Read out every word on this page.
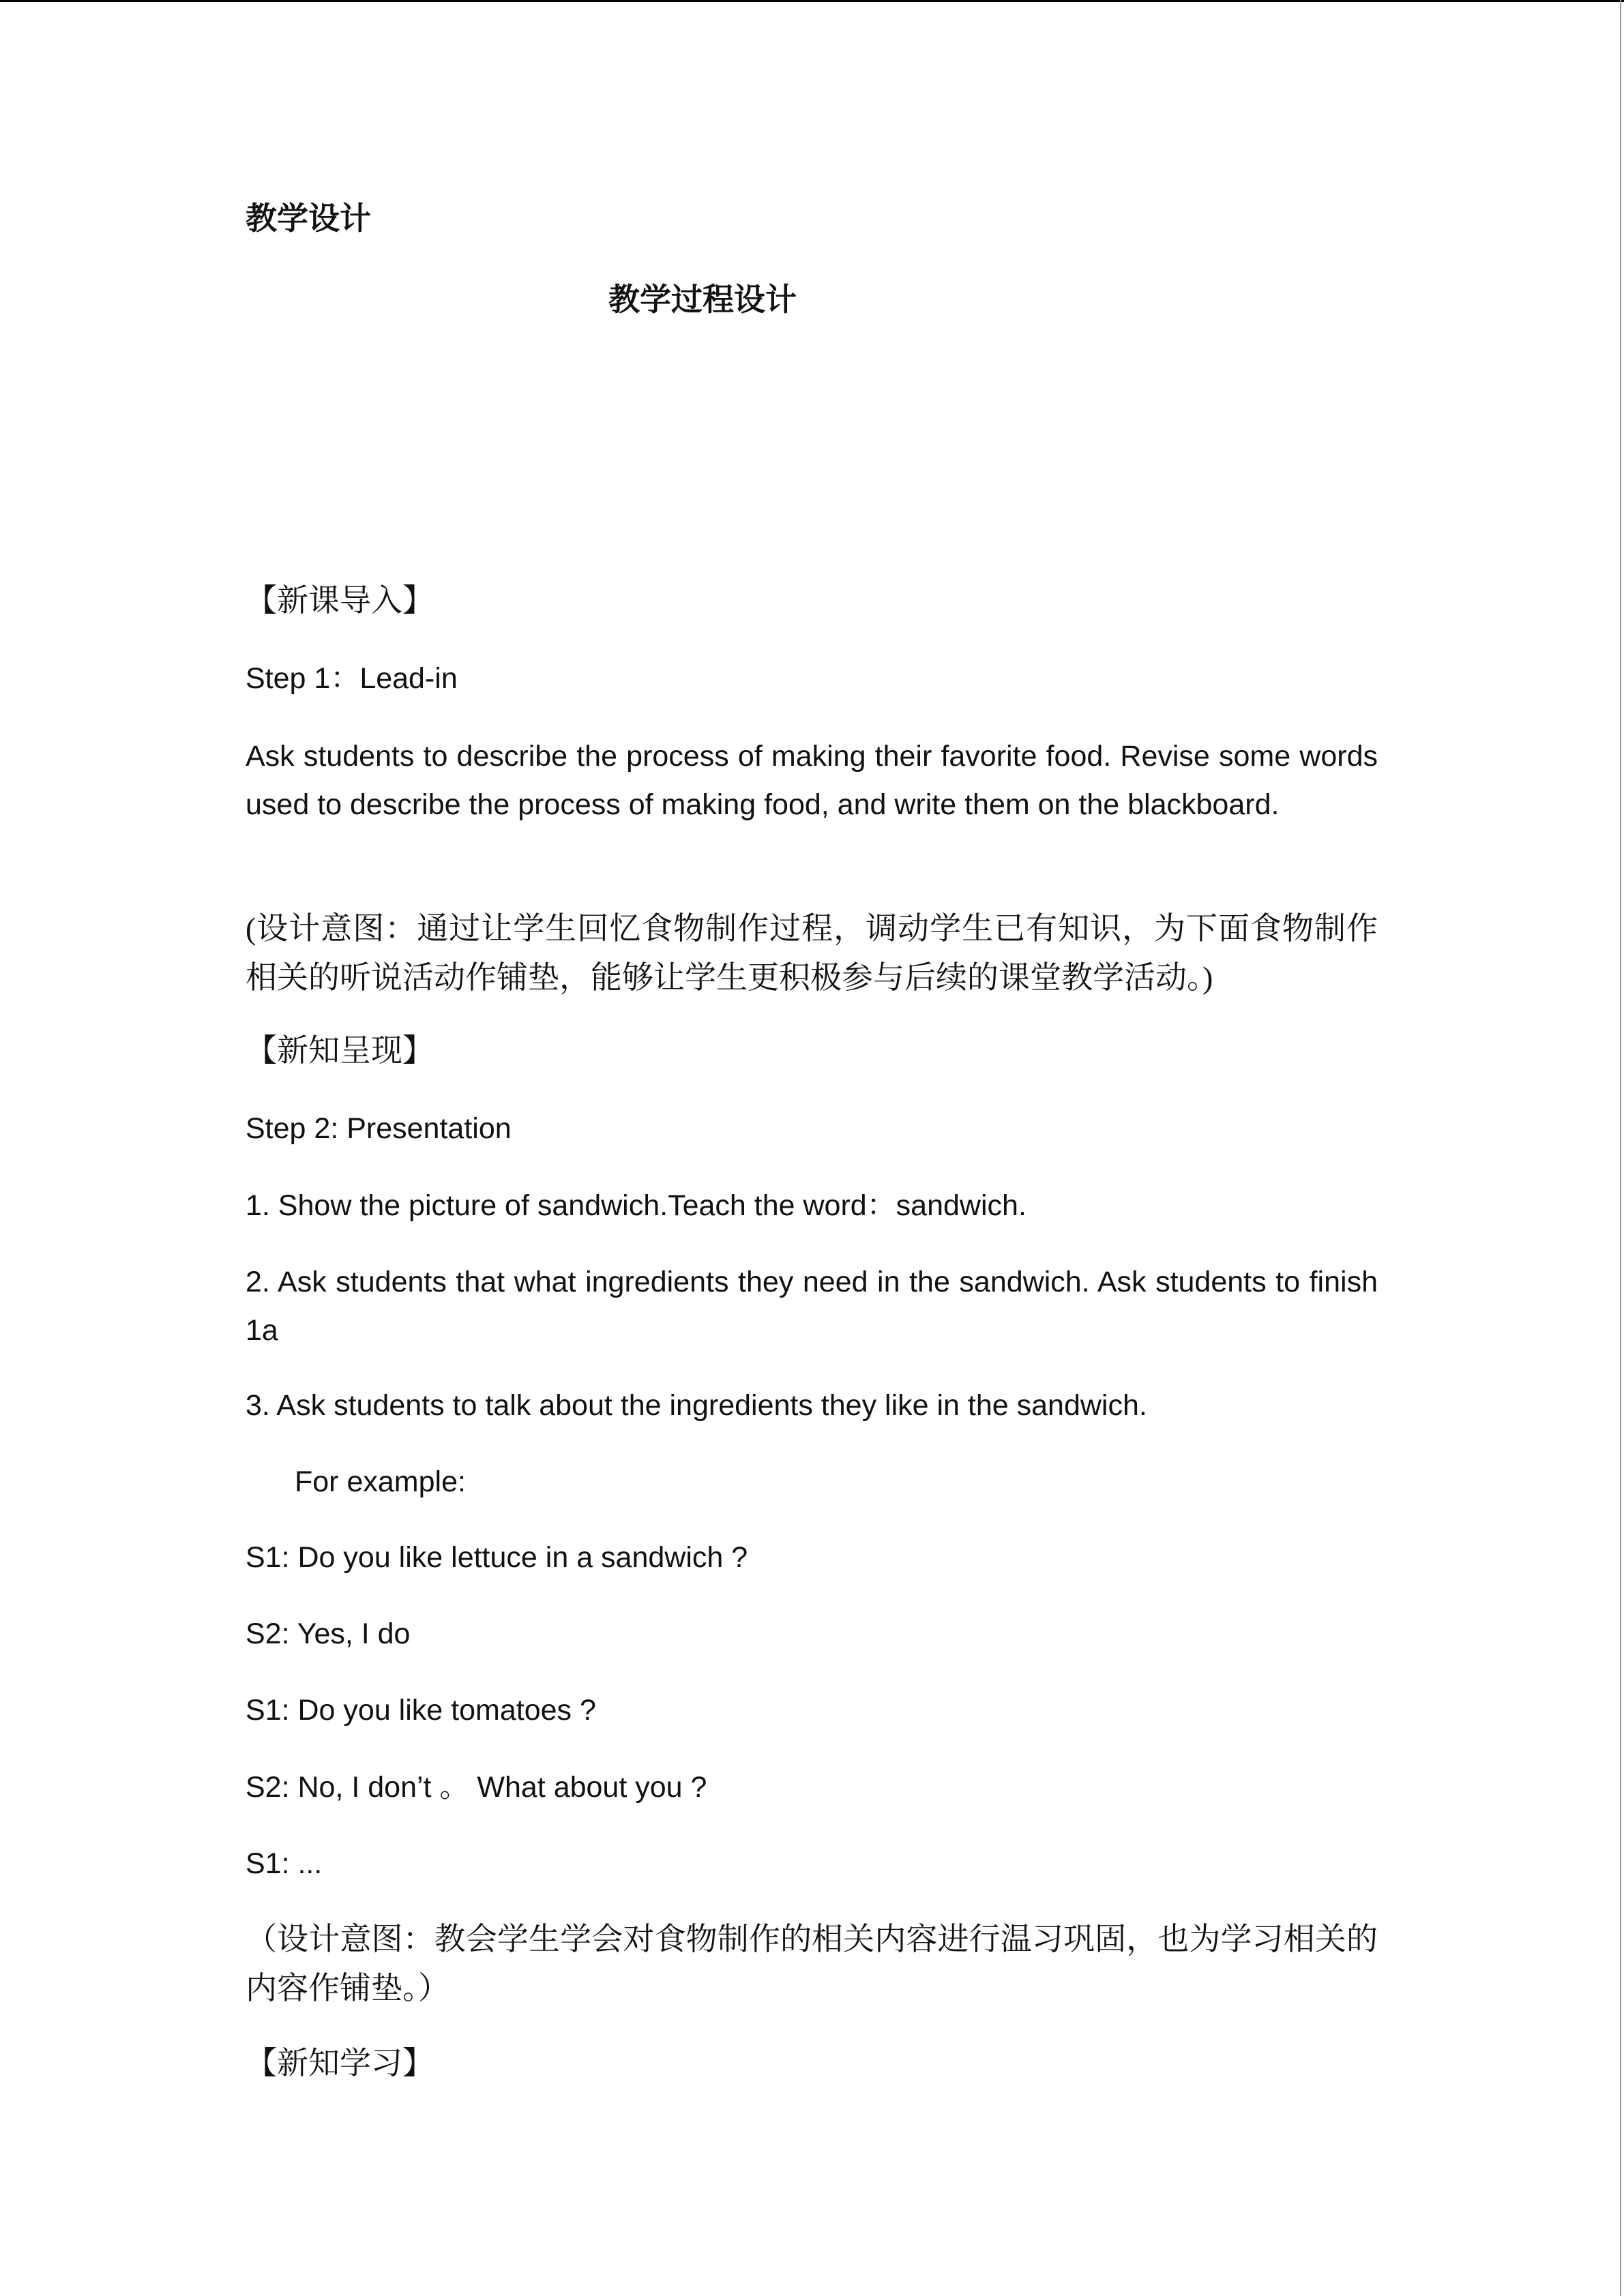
教学设计
教学过程设计
【新课导入】
Step 1：Lead-in
Ask students to describe the process of making their favorite food. Revise some words used to describe the process of making food, and write them on the blackboard.
(设计意图：通过让学生回忆食物制作过程，调动学生已有知识，为下面食物制作相关的听说活动作铺垫，能够让学生更积极参与后续的课堂教学活动。)
【新知呈现】
Step 2: Presentation
1. Show the picture of sandwich.Teach the word：sandwich.
2. Ask students that what ingredients they need in the sandwich. Ask students to finish 1a
3. Ask students to talk about the ingredients they like in the sandwich.
For example:
S1: Do you like lettuce in a sandwich ?
S2: Yes, I do
S1: Do you like tomatoes ?
S2: No, I don’t 。 What about you ?
S1: ...
（设计意图：教会学生学会对食物制作的相关内容进行温习巩固，也为学习相关的内容作铺垫。）
【新知学习】
